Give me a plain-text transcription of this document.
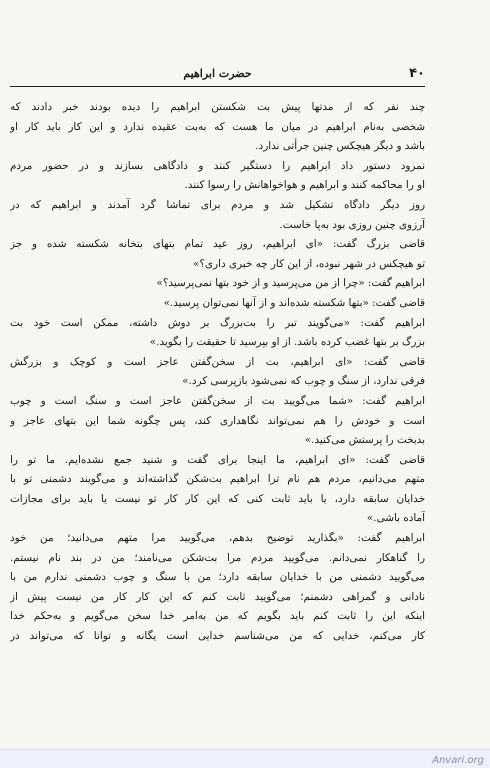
۴۰
حضرت ابراهیم
چند نفر که از مدتها پیش بت شکستن ابراهیم را دیده بودند خبر دادند که
شخصی به‌نام ابراهیم در میان ما هست که به‌بت عقیده ندارد و این کار باید کار او
باشد و دیگر هیچکس چنین جرأتی ندارد.
نمرود دستور داد ابراهیم را دستگیر کنند و دادگاهی بسازند و در حضور مردم
او را محاکمه کنند و ابراهیم و هواخواهانش را رسوا کنند.
روز دیگر دادگاه تشکیل شد و مردم برای تماشا گرد آمدند و ابراهیم که در
آرزوی چنین روزی بود به‌پا خاست.
قاضی بزرگ گفت: «ای ابراهیم، روز عید تمام بتهای بتخانه شکسته شده و جز
تو هیچکس در شهر نبوده، از این کار چه خبری داری؟»
ابراهیم گفت: «چرا از من می‌پرسید و از خود بتها نمی‌پرسید؟»
قاضی گفت: «بتها شکسته شده‌اند و از آنها نمی‌توان پرسید.»
ابراهیم گفت: «می‌گویند تبر را بت‌بزرگ بر دوش داشته، ممکن است خود بت
بزرگ بر بتها غضب کرده باشد. از او بپرسید تا حقیقت را بگوید.»
قاضی گفت: «ای ابراهیم، بت از سخن‌گفتن عاجز است و کوچک و بزرگش
فرقی ندارد، از سنگ و چوب که نمی‌شود بازپرسی کرد.»
ابراهیم گفت: «شما می‌گویید بت از سخن‌گفتن عاجز است و سنگ است و چوب
است و خودش را هم نمی‌تواند نگاهداری کند، پس چگونه شما این بتهای عاجز و
بدبخت را پرستش می‌کنید.»
قاضی گفت: «ای ابراهیم، ما اینجا برای گفت و شنید جمع نشده‌ایم. ما تو را
متهم می‌دانیم، مردم هم نام ترا ابراهیم بت‌شکن گذاشته‌اند و می‌گویند دشمنی تو با
خدایان سابقه دارد، یا باید ثابت کنی که این کار کار تو نیست یا باید برای مجازات
آماده باشی.»
ابراهیم گفت: «بگذارید توضیح بدهم، می‌گویید مرا متهم می‌دانید؛ من خود
را گناهکار نمی‌دانم. می‌گویید مردم مرا بت‌شکن می‌نامند؛ من در بند نام نیستم.
می‌گویید دشمنی من با خدایان سابقه دارد؛ من با سنگ و چوب دشمنی ندارم من با
نادانی و گمراهی دشمنم؛ می‌گویید ثابت کنم که این کار کار من نیست پیش از
اینکه این را ثابت کنم باید بگویم که من به‌امر خدا سخن می‌گویم و به‌حکم خدا
کار می‌کنم، خدایی که من می‌شناسم خدایی است یگانه و توانا که می‌تواند در
Anvari.org
